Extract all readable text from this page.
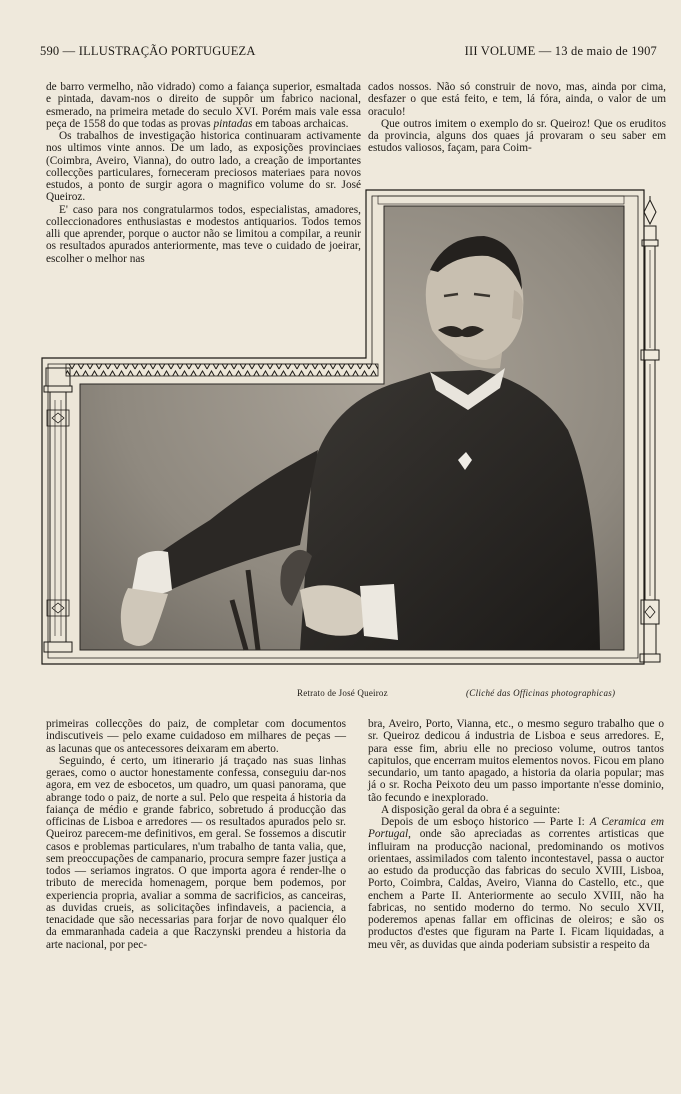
590 — ILLUSTRAÇÃO PORTUGUEZA	III VOLUME — 13 de maio de 1907

de barro vermelho, não vidrado) como a faiança superior, esmaltada e pintada, davam-nos o direito de suppôr um fabrico nacional, esmerado, na primeira metade do seculo XVI. Porém mais vale essa peça de 1558 do que todas as provas pintadas em taboas archaicas.

Os trabalhos de investigação historica continuaram activamente nos ultimos vinte annos. De um lado, as exposições provinciaes (Coimbra, Aveiro, Vianna), do outro lado, a creação de importantes collecções particulares, forneceram preciosos materiaes para novos estudos, a ponto de surgir agora o magnifico volume do sr. José Queiroz.

E' caso para nos congratularmos todos, especialistas, amadores, colleccionadores enthusiastas e modestos antiquarios. Todos temos alli que aprender, porque o auctor não se limitou a compilar, a reunir os resultados apurados anteriormente, mas teve o cuidado de joeirar, escolher o melhor nas

cados nossos. Não só construir de novo, mas, ainda por cima, desfazer o que está feito, e tem, lá fóra, ainda, o valor de um oraculo!

Que outros imitem o exemplo do sr. Queiroz! Que os eruditos da provincia, alguns dos quaes já provaram o seu saber em estudos valiosos, façam, para Coim-

Retrato de José Queiroz	(Cliché das Officinas photographicas)

primeiras collecções do paiz, de completar com documentos indiscutiveis — pelo exame cuidadoso em milhares de peças — as lacunas que os antecessores deixaram em aberto.

Seguindo, é certo, um itinerario já traçado nas suas linhas geraes, como o auctor honestamente confessa, conseguiu dar-nos agora, em vez de esbocetos, um quadro, um quasi panorama, que abrange todo o paiz, de norte a sul. Pelo que respeita á historia da faiança de médio e grande fabrico, sobretudo á producção das officinas de Lisboa e arredores — os resultados apurados pelo sr. Queiroz parecem-me definitivos, em geral. Se fossemos a discutir casos e problemas particulares, n'um trabalho de tanta valia, que, sem preoccupações de campanario, procura sempre fazer justiça a todos — seriamos ingratos. O que importa agora é render-lhe o tributo de merecida homenagem, porque bem podemos, por experiencia propria, avaliar a somma de sacrificios, as canceiras, as duvidas crueis, as solicitações infindaveis, a paciencia, a tenacidade que são necessarias para forjar de novo qualquer élo da emmaranhada cadeia a que Raczynski prendeu a historia da arte nacional, por pec-

bra, Aveiro, Porto, Vianna, etc., o mesmo seguro trabalho que o sr. Queiroz dedicou á industria de Lisboa e seus arredores. E, para esse fim, abriu elle no precioso volume, outros tantos capitulos, que encerram muitos elementos novos. Ficou em plano secundario, um tanto apagado, a historia da olaria popular; mas já o sr. Rocha Peixoto deu um passo importante n'esse dominio, tão fecundo e inexplorado.

A disposição geral da obra é a seguinte:

Depois de um esboço historico — Parte I: A Ceramica em Portugal, onde são apreciadas as correntes artisticas que influiram na producção nacional, predominando os motivos orientaes, assimilados com talento incontestavel, passa o auctor ao estudo da producção das fabricas do seculo XVIII, Lisboa, Porto, Coimbra, Caldas, Aveiro, Vianna do Castello, etc., que enchem a Parte II. Anteriormente ao seculo XVIII, não ha fabricas, no sentido moderno do termo. No seculo XVII, poderemos apenas fallar em officinas de oleiros; e são os productos d'estes que figuram na Parte I. Ficam liquidadas, a meu vêr, as duvidas que ainda poderiam subsistir a respeito da
